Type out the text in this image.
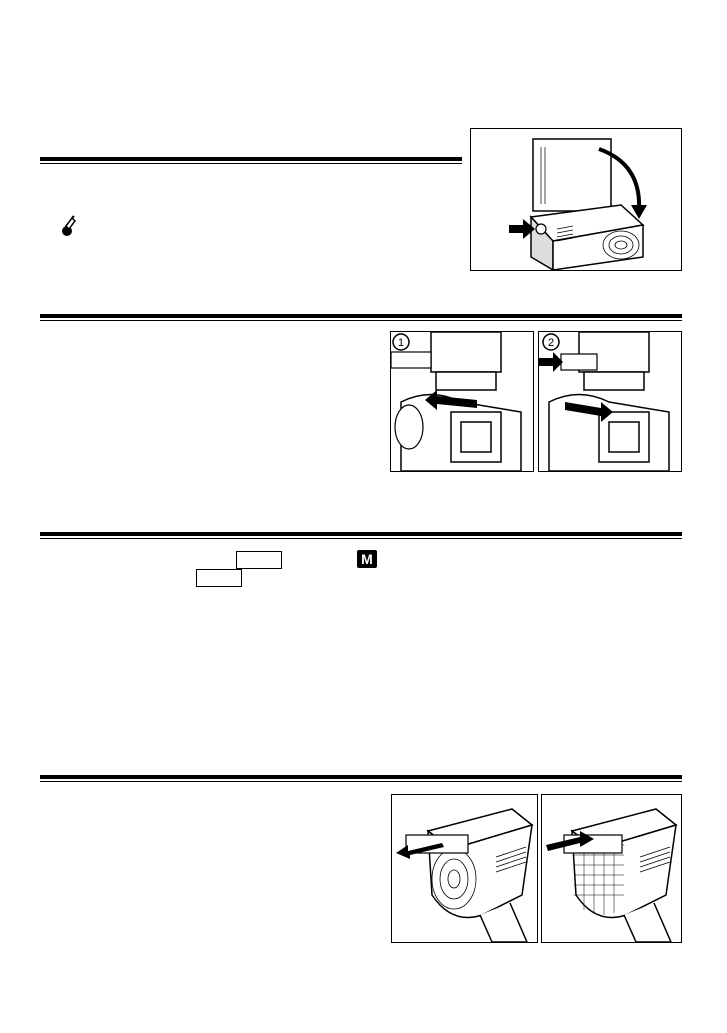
1	2
M
